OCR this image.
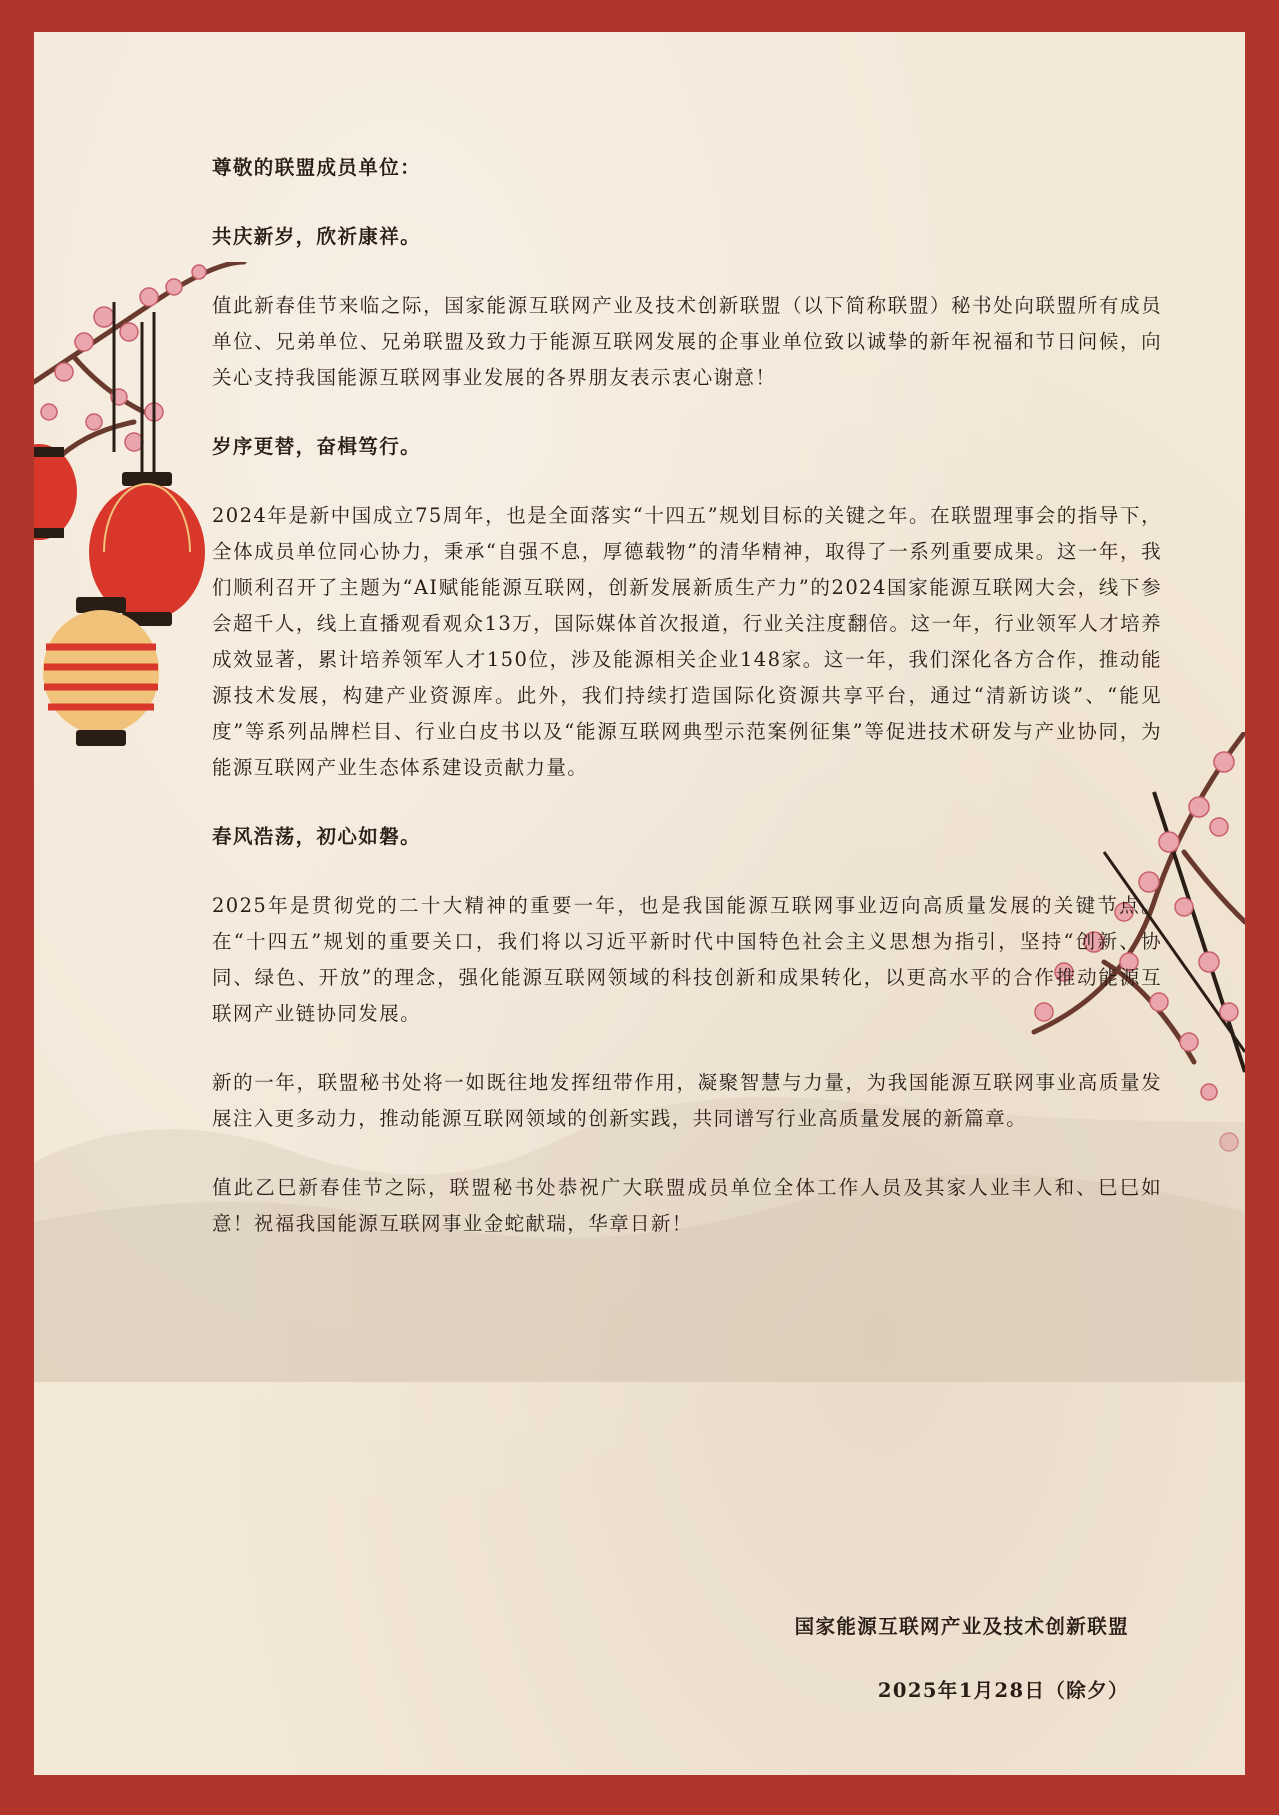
尊敬的联盟成员单位：

共庆新岁，欣祈康祥。

值此新春佳节来临之际，国家能源互联网产业及技术创新联盟（以下简称联盟）秘书处向联盟所有成员单位、兄弟单位、兄弟联盟及致力于能源互联网发展的企事业单位致以诚挚的新年祝福和节日问候，向关心支持我国能源互联网事业发展的各界朋友表示衷心谢意！

岁序更替，奋楫笃行。

2024年是新中国成立75周年，也是全面落实“十四五”规划目标的关键之年。在联盟理事会的指导下，全体成员单位同心协力，秉承“自强不息，厚德载物”的清华精神，取得了一系列重要成果。这一年，我们顺利召开了主题为“AI赋能能源互联网，创新发展新质生产力”的2024国家能源互联网大会，线下参会超千人，线上直播观看观众13万，国际媒体首次报道，行业关注度翻倍。这一年，行业领军人才培养成效显著，累计培养领军人才150位，涉及能源相关企业148家。这一年，我们深化各方合作，推动能源技术发展，构建产业资源库。此外，我们持续打造国际化资源共享平台，通过“清新访谈”、“能见度”等系列品牌栏目、行业白皮书以及“能源互联网典型示范案例征集”等促进技术研发与产业协同，为能源互联网产业生态体系建设贡献力量。

春风浩荡，初心如磐。

2025年是贯彻党的二十大精神的重要一年，也是我国能源互联网事业迈向高质量发展的关键节点。在“十四五”规划的重要关口，我们将以习近平新时代中国特色社会主义思想为指引，坚持“创新、协同、绿色、开放”的理念，强化能源互联网领域的科技创新和成果转化，以更高水平的合作推动能源互联网产业链协同发展。

新的一年，联盟秘书处将一如既往地发挥纽带作用，凝聚智慧与力量，为我国能源互联网事业高质量发展注入更多动力，推动能源互联网领域的创新实践，共同谱写行业高质量发展的新篇章。

值此乙巳新春佳节之际，联盟秘书处恭祝广大联盟成员单位全体工作人员及其家人业丰人和、巳巳如意！祝福我国能源互联网事业金蛇献瑞，华章日新！

国家能源互联网产业及技术创新联盟
2025年1月28日（除夕）
